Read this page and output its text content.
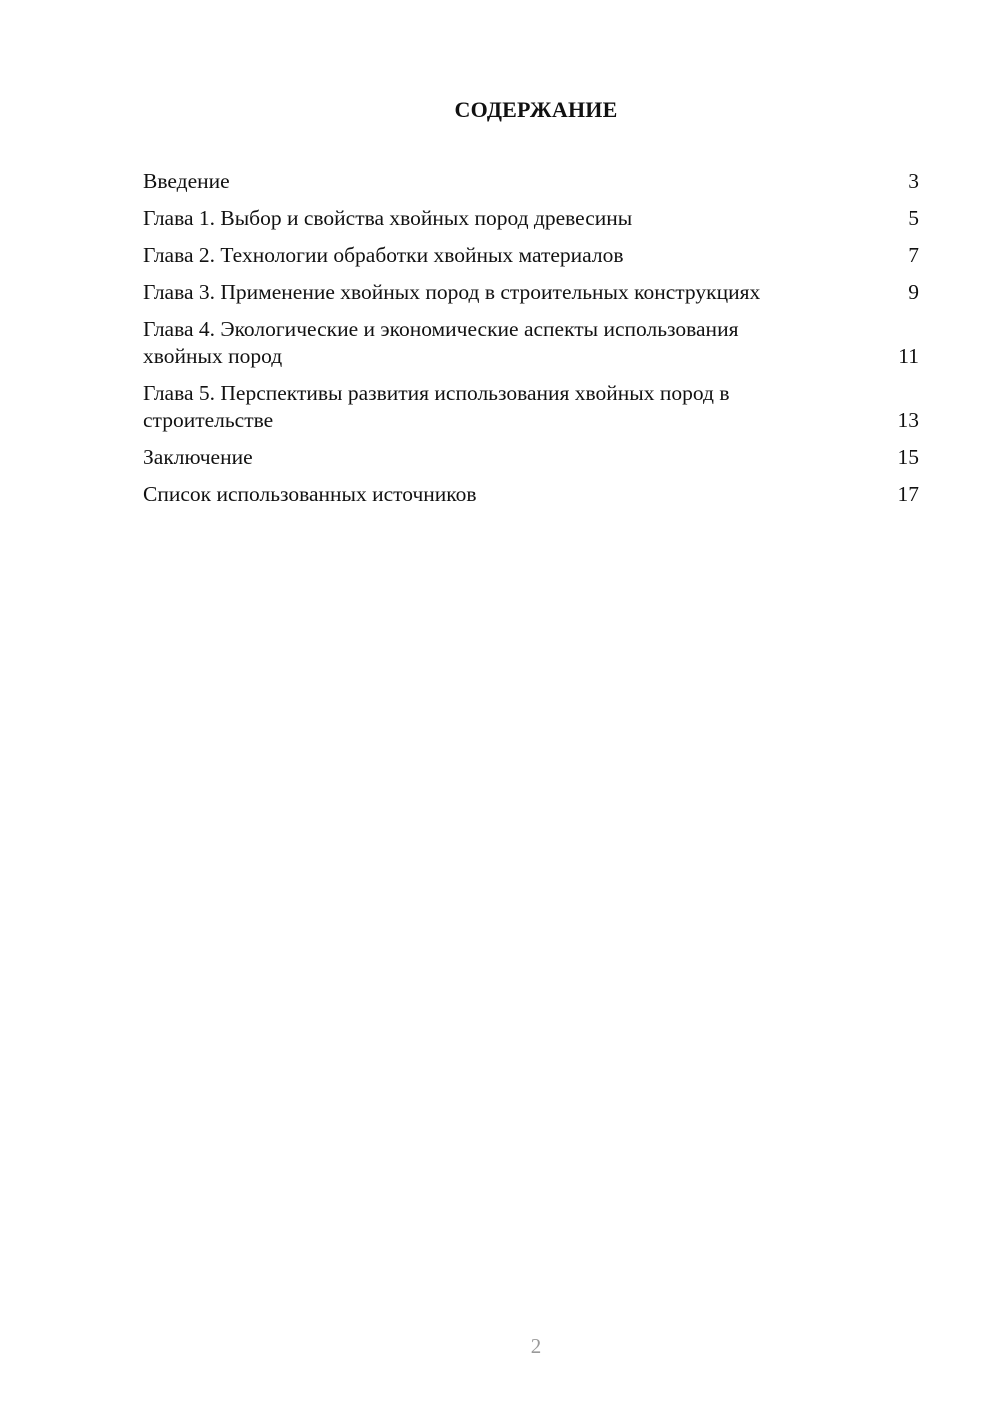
СОДЕРЖАНИЕ
Введение	3
Глава 1. Выбор и свойства хвойных пород древесины	5
Глава 2. Технологии обработки хвойных материалов	7
Глава 3. Применение хвойных пород в строительных конструкциях	9
Глава 4. Экологические и экономические аспекты использования хвойных пород	11
Глава 5. Перспективы развития использования хвойных пород в строительстве	13
Заключение	15
Список использованных источников	17
2
